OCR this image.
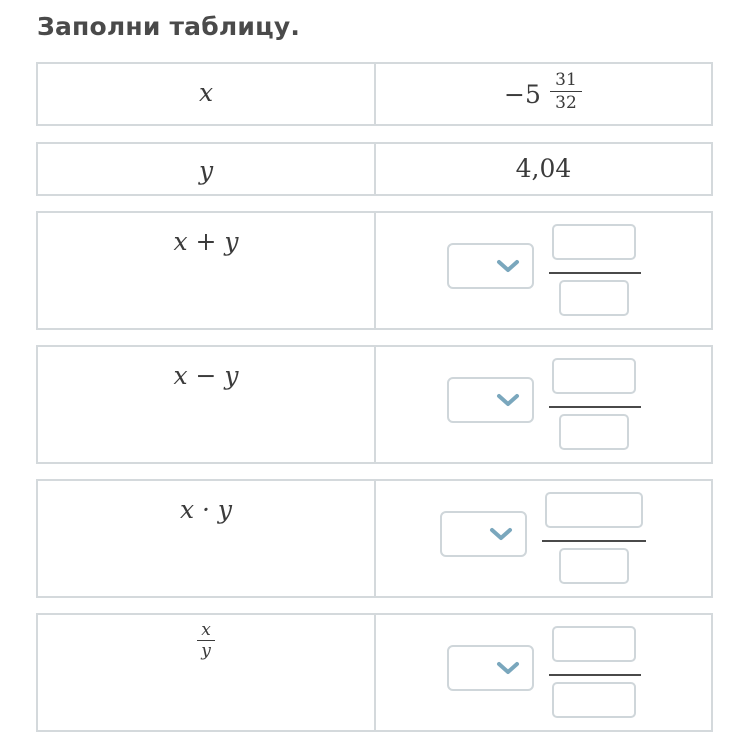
Заполни таблицу.
x	−5 31
32
y	4,04
x + y
x − y
x · y
$\frac{x}{y}$
